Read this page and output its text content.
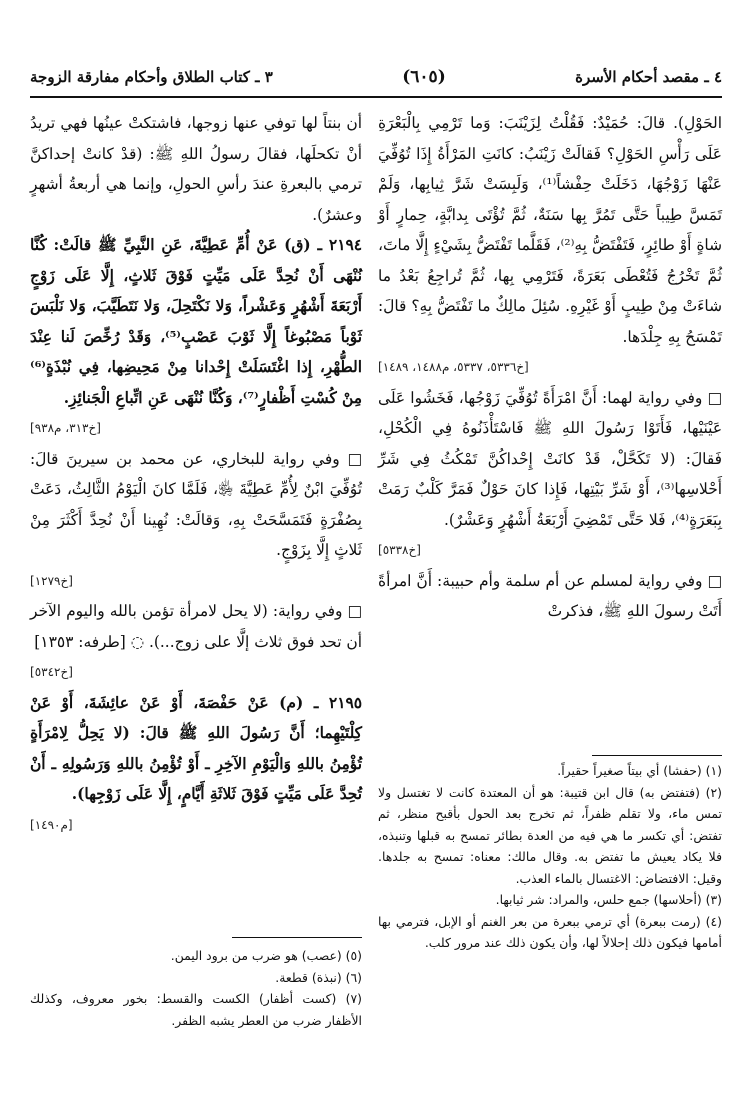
٤ ـ مقصد أحكام الأسرة
(٦٠٥)
٣ ـ كتاب الطلاق وأحكام مفارقة الزوجة

الحَوْلِ). قالَ: حُمَيْدٌ: فَقُلْتُ لِزَيْنَبَ: وَما تَرْمِي بِالْبَعْرَةِ عَلَى رَأْسِ الحَوْلِ؟ فَقالَتْ زَيْنَبُ: كانَتِ المَرْأَةُ إِذَا تُوُفِّيَ عَنْهَا زَوْجُهَا، دَخَلَتْ حِفْشاً⁽¹⁾، وَلَبِسَتْ شَرَّ ثِيابِها، وَلَمْ تَمَسَّ طِيباً حَتَّى تَمُرَّ بِها سَنَةٌ، ثُمَّ تُؤْتَى بِدابَّةٍ، حِمارٍ أَوْ شاةٍ أَوْ طائِرٍ، فَتَفْتَضُّ بِهِ⁽²⁾، فَقَلَّما تَفْتَضُّ بِشَيْءٍ إِلَّا ماتَ، ثُمَّ تَخْرُجُ فَتُعْطَى بَعَرَةً، فَتَرْمِي بِها، ثُمَّ تُراجِعُ بَعْدُ ما شاءَتْ مِنْ طِيبٍ أَوْ غَيْرِهِ. سُئِلَ مالِكٌ ما تَفْتَضُّ بِهِ؟ قالَ: تَمْسَحُ بِهِ جِلْدَها.

[خ٥٣٣٦، ٥٣٣٧، م١٤٨٨، ١٤٨٩]

□ وفي رواية لهما: أَنَّ امْرَأَةً تُوُفِّيَ زَوْجُها، فَخَشُوا عَلَى عَيْنَيْها، فَأَتَوْا رَسُولَ اللهِ ﷺ فَاسْتَأْذَنُوهُ فِي الْكُحْلِ، فَقالَ: (لا تَكَحَّلْ، قَدْ كانَتْ إِحْداكُنَّ تَمْكُثُ فِي شَرِّ أَحْلاسِها⁽³⁾، أَوْ شَرِّ بَيْتِها، فَإِذا كانَ حَوْلٌ فَمَرَّ كَلْبٌ رَمَتْ بِبَعَرَةٍ⁽⁴⁾، فَلا حَتَّى تَمْضِيَ أَرْبَعَةُ أَشْهُرٍ وَعَشْرٌ).

[خ٥٣٣٨]

□ وفي رواية لمسلم عن أم سلمة وأم حبيبة: أَنَّ امرأةً أَتَتْ رسولَ اللهِ ﷺ، فذكرتْ

أن بنتاً لها توفي عنها زوجها، فاشتكتْ عينُها فهي تريدُ أنْ تكحلَها، فقالَ رسولُ اللهِ ﷺ: (قدْ كانتْ إحداكنَّ ترمي بالبعرةِ عندَ رأسِ الحولِ، وإنما هي أربعةُ أشهرٍ وعشرٌ).

٢١٩٤ ـ (ق) عَنْ أُمِّ عَطِيَّةَ، عَنِ النَّبِيِّ ﷺ قالَتْ: كُنَّا نُنْهَى أَنْ نُحِدَّ عَلَى مَيِّتٍ فَوْقَ ثَلاثٍ، إِلَّا عَلَى زَوْجٍ أَرْبَعَةَ أَشْهُرٍ وَعَشْراً، وَلا نَكْتَحِلَ، وَلا نَتَطَيَّبَ، وَلا نَلْبَسَ ثَوْباً مَصْبُوغاً إِلَّا ثَوْبَ عَصْبٍ⁽⁵⁾، وَقَدْ رُخِّصَ لَنا عِنْدَ الطُّهْرِ، إِذا اغْتَسَلَتْ إِحْدانا مِنْ مَحِيضِها، فِي نُبْذَةٍ⁽⁶⁾ مِنْ كُسْتِ أَظْفارٍ⁽⁷⁾، وَكُنَّا نُنْهَى عَنِ اتِّباعِ الْجَنائِزِ.

[خ٣١٣، م٩٣٨]

□ وفي رواية للبخاري، عن محمد بن سيرينَ قالَ: تُوُفِّيَ ابْنٌ لِأُمِّ عَطِيَّةَ ﵂، فَلَمَّا كانَ الْيَوْمُ الثَّالِثُ، دَعَتْ بِصُفْرَةٍ فَتَمَسَّحَتْ بِهِ، وَقالَتْ: نُهِينا أَنْ نُحِدَّ أَكْثَرَ مِنْ ثَلاثٍ إِلَّا بِزَوْجٍ.

[خ١٢٧٩]

□ وفي رواية: (لا يحل لامرأة تؤمن بالله واليوم الآخر أن تحد فوق ثلاث إلَّا على زوج...). ◌ [طرفه: ١٣٥٣]

[خ٥٣٤٢]

٢١٩٥ ـ (م) عَنْ حَفْصَةَ، أَوْ عَنْ عائِشَةَ، أَوْ عَنْ كِلْتَيْهِما؛ أَنَّ رَسُولَ اللهِ ﷺ قالَ: (لا يَحِلُّ لِامْرَأَةٍ تُؤْمِنُ باللهِ وَالْيَوْمِ الآخِرِ ـ أَوْ تُؤْمِنُ باللهِ وَرَسُولِهِ ـ أَنْ تُحِدَّ عَلَى مَيِّتٍ فَوْقَ ثَلاثَةِ أَيَّامٍ، إِلَّا عَلَى زَوْجِها).

[م١٤٩٠]

(١) (حفشا) أي بيتاً صغيراً حقيراً.

(٢) (فتفتض به) قال ابن قتيبة: هو أن المعتدة كانت لا تغتسل ولا تمس ماء، ولا تقلم ظفراً، ثم تخرج بعد الحول بأقبح منظر، ثم تفتض: أي تكسر ما هي فيه من العدة بطائر تمسح به قبلها وتنبذه، فلا يكاد يعيش ما تفتض به. وقال مالك: معناه: تمسح به جلدها. وقيل: الافتضاض: الاغتسال بالماء العذب.

(٣) (أحلاسها) جمع حلس، والمراد: شر ثيابها.

(٤) (رمت ببعرة) أي ترمي ببعرة من بعر الغنم أو الإبل، فترمي بها أمامها فيكون ذلك إحلالاً لها، وأن يكون ذلك عند مرور كلب.

(٥) (عصب) هو ضرب من برود اليمن.

(٦) (نبذة) قطعة.

(٧) (كست أظفار) الكست والقسط: بخور معروف، وكذلك الأظفار ضرب من العطر يشبه الظفر.
